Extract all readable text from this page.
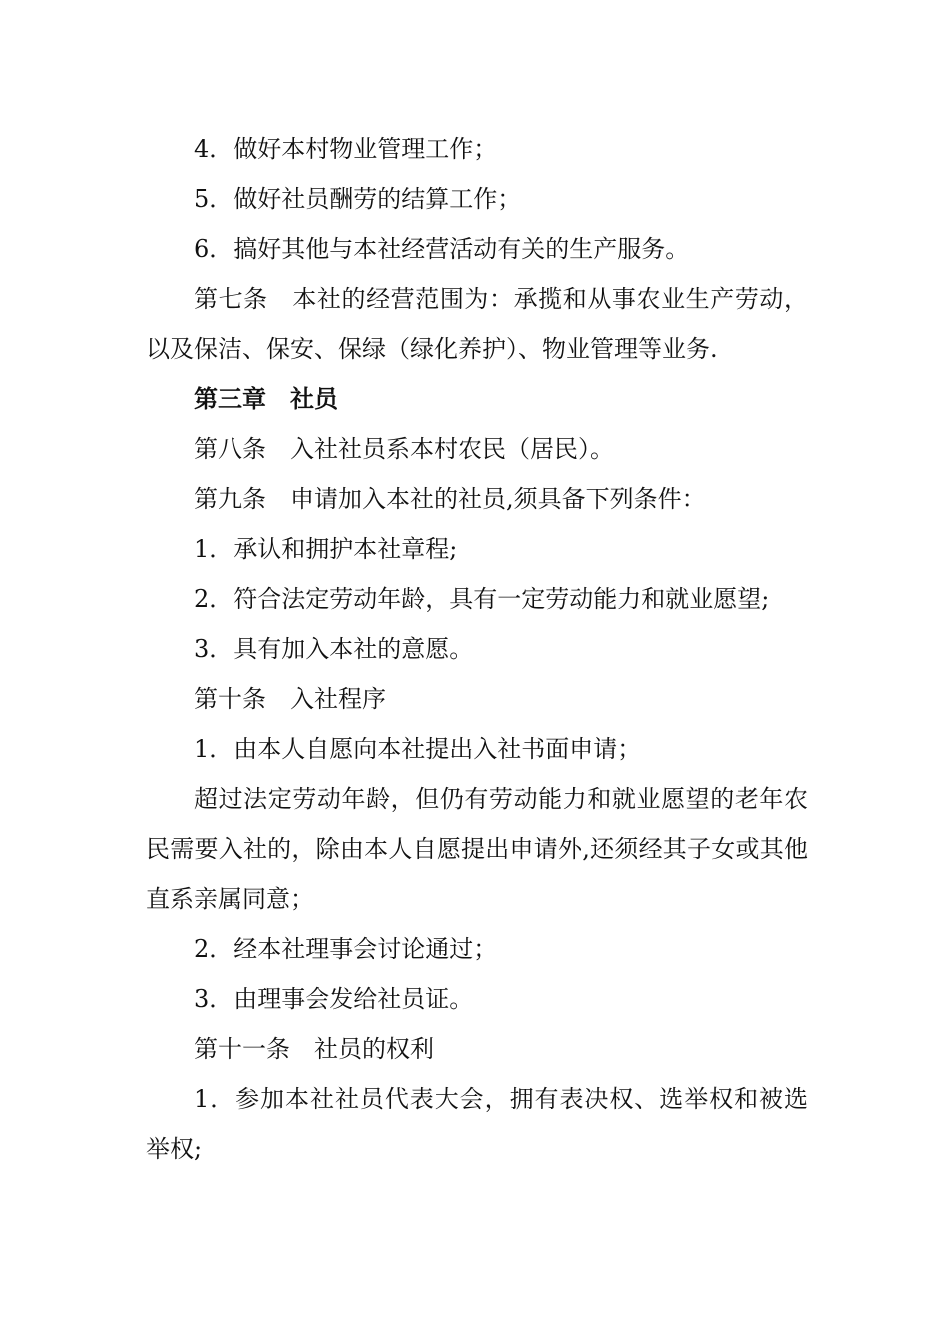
4．做好本村物业管理工作；

5．做好社员酬劳的结算工作；

6．搞好其他与本社经营活动有关的生产服务。

第七条　本社的经营范围为：承揽和从事农业生产劳动，以及保洁、保安、保绿（绿化养护）、物业管理等业务.

第三章　社员

第八条　入社社员系本村农民（居民）。

第九条　申请加入本社的社员,须具备下列条件：

1．承认和拥护本社章程;

2．符合法定劳动年龄，具有一定劳动能力和就业愿望;

3．具有加入本社的意愿。

第十条　入社程序

1．由本人自愿向本社提出入社书面申请；

超过法定劳动年龄，但仍有劳动能力和就业愿望的老年农民需要入社的，除由本人自愿提出申请外,还须经其子女或其他直系亲属同意；

2．经本社理事会讨论通过；

3．由理事会发给社员证。

第十一条　社员的权利

1．参加本社社员代表大会，拥有表决权、选举权和被选举权;
